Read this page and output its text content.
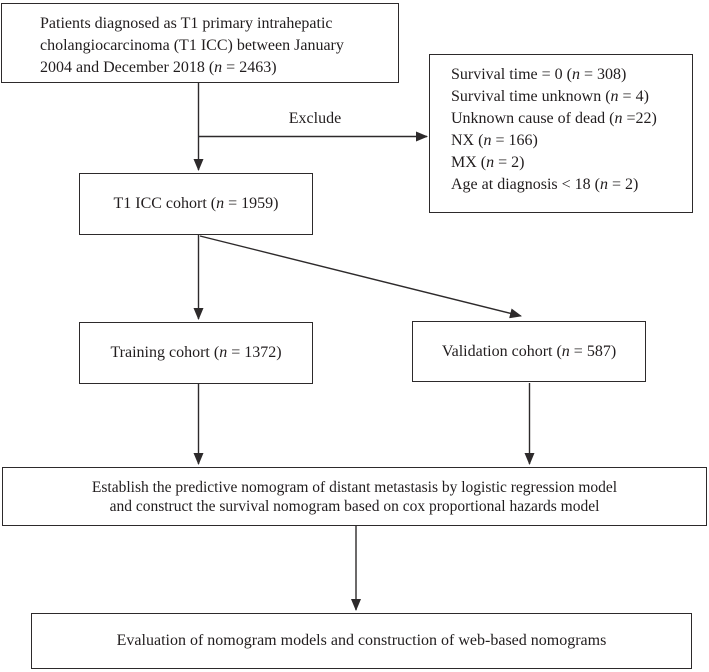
Exclude
Patients diagnosed as T1 primary intrahepatic
cholangiocarcinoma (T1 ICC) between January
2004 and December 2018 (n = 2463)	Survival time = 0 (n = 308)
Survival time unknown (n = 4)
Unknown cause of dead (n =22)
NX (n = 166)
MX (n = 2)
Age at diagnosis < 18 (n = 2)
T1 ICC cohort (n = 1959)
Training cohort (n = 1372)	Validation cohort (n = 587)
Establish the predictive nomogram of distant metastasis by logistic regression model
and construct the survival nomogram based on cox proportional hazards model
Evaluation of nomogram models and construction of web-based nomograms
